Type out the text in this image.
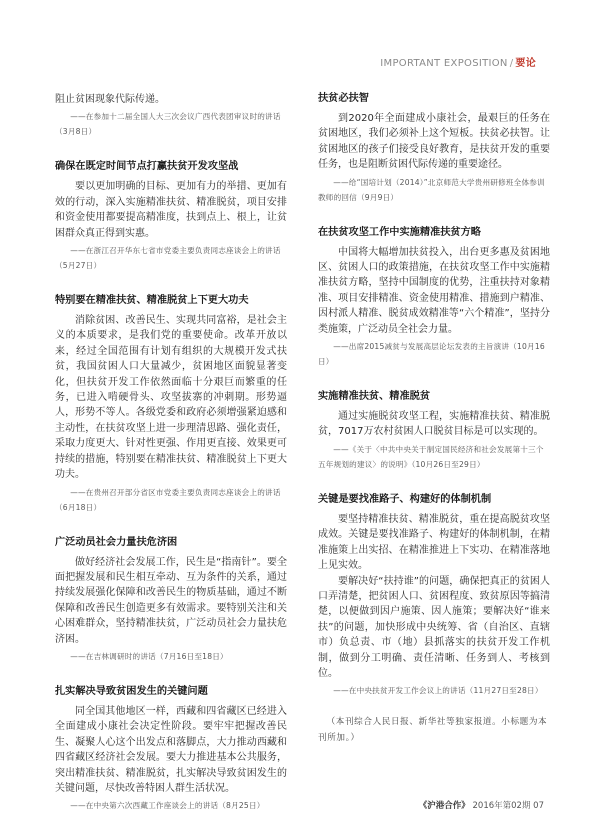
IMPORTANT EXPOSITION / 要论

阻止贫困现象代际传递。

——在参加十二届全国人大三次会议广西代表团审议时的讲话（3月8日）

确保在既定时间节点打赢扶贫开发攻坚战

要以更加明确的目标、更加有力的举措、更加有效的行动，深入实施精准扶贫、精准脱贫，项目安排和资金使用都要提高精准度，扶到点上、根上，让贫困群众真正得到实惠。

——在浙江召开华东七省市党委主要负责同志座谈会上的讲话（5月27日）

特别要在精准扶贫、精准脱贫上下更大功夫

消除贫困、改善民生、实现共同富裕，是社会主义的本质要求，是我们党的重要使命。改革开放以来，经过全国范围有计划有组织的大规模开发式扶贫，我国贫困人口大量减少，贫困地区面貌显著变化，但扶贫开发工作依然面临十分艰巨而繁重的任务，已进入啃硬骨头、攻坚拔寨的冲刺期。形势逼人，形势不等人。各级党委和政府必须增强紧迫感和主动性，在扶贫攻坚上进一步理清思路、强化责任，采取力度更大、针对性更强、作用更直接、效果更可持续的措施，特别要在精准扶贫、精准脱贫上下更大功夫。

——在贵州召开部分省区市党委主要负责同志座谈会上的讲话（6月18日）

广泛动员社会力量扶危济困

做好经济社会发展工作，民生是“指南针”。要全面把握发展和民生相互牵动、互为条件的关系，通过持续发展强化保障和改善民生的物质基础，通过不断保障和改善民生创造更多有效需求。要特别关注和关心困难群众，坚持精准扶贫，广泛动员社会力量扶危济困。

——在吉林调研时的讲话（7月16日至18日）

扎实解决导致贫困发生的关键问题

同全国其他地区一样，西藏和四省藏区已经进入全面建成小康社会决定性阶段。要牢牢把握改善民生、凝聚人心这个出发点和落脚点，大力推动西藏和四省藏区经济社会发展。要大力推进基本公共服务，突出精准扶贫、精准脱贫，扎实解决导致贫困发生的关键问题，尽快改善特困人群生活状况。

——在中央第六次西藏工作座谈会上的讲话（8月25日）

扶贫必扶智

到2020年全面建成小康社会，最艰巨的任务在贫困地区，我们必须补上这个短板。扶贫必扶智。让贫困地区的孩子们接受良好教育，是扶贫开发的重要任务，也是阻断贫困代际传递的重要途径。

——给“国培计划（2014）”北京师范大学贵州研修班全体参训教师的回信（9月9日）

在扶贫攻坚工作中实施精准扶贫方略

中国将大幅增加扶贫投入，出台更多惠及贫困地区、贫困人口的政策措施，在扶贫攻坚工作中实施精准扶贫方略，坚持中国制度的优势，注重扶持对象精准、项目安排精准、资金使用精准、措施到户精准、因村派人精准、脱贫成效精准等“六个精准”，坚持分类施策，广泛动员全社会力量。

——出席2015减贫与发展高层论坛发表的主旨演讲（10月16日）

实施精准扶贫、精准脱贫

通过实施脱贫攻坚工程，实施精准扶贫、精准脱贫，7017万农村贫困人口脱贫目标是可以实现的。

——《关于〈中共中央关于制定国民经济和社会发展第十三个五年规划的建议〉的说明》（10月26日至29日）

关键是要找准路子、构建好的体制机制

要坚持精准扶贫、精准脱贫，重在提高脱贫攻坚成效。关键是要找准路子、构建好的体制机制，在精准施策上出实招、在精准推进上下实功、在精准落地上见实效。

要解决好“扶持谁”的问题，确保把真正的贫困人口弄清楚，把贫困人口、贫困程度、致贫原因等搞清楚，以便做到因户施策、因人施策；要解决好“谁来扶”的问题，加快形成中央统筹、省（自治区、直辖市）负总责、市（地）县抓落实的扶贫开发工作机制，做到分工明确、责任清晰、任务到人、考核到位。

——在中央扶贫开发工作会议上的讲话（11月27日至28日）

（本刊综合人民日报、新华社等独家报道。小标题为本刊所加。）

《沪港合作》 2016年第02期 07
